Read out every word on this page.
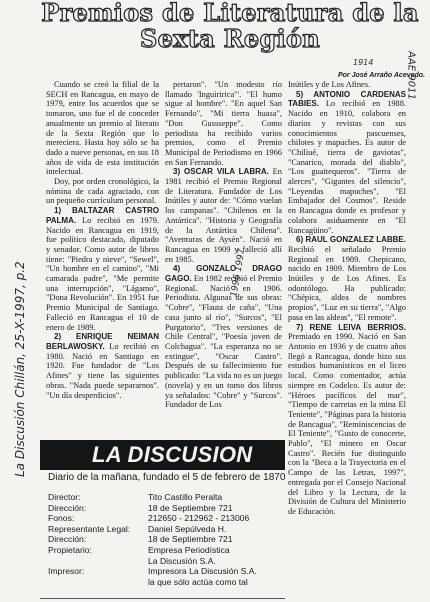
Premios de Literatura de la
Sexta Región
Por José Arraño Acevedo.
1914
La Discusión Chillán, 25-X-1997, p.2
AAE 9011
1996 1997

Cuando se creó la filial de la SECH en Rancagua, en mayo de 1979, entre los acuerdos que se tomaron, uno fue el de conceder anualmente un premio al literato de la Sexta Región que lo mereciera. Hasta hoy sólo se ha dado a nueve personas, en sus 18 años de vida de esta institución intelectual.

Doy, por orden cronológico, la nómina de cada agraciado, con un pequeño currículum personal.

1) BALTAZAR CASTRO PALMA. Lo recibió en 1979. Nacido en Rancagua en 1919, fue político destacado, diputado y senador. Como autor de libros tiene: "Piedra y nieve", "Sewel", "Un hombre en el camino", "Mi camarada padre", "Me permite una interrupción", "Lágamo", "Dona Revolución". En 1951 fue Premio Municipal de Santiago. Falleció en Rancagua el 10 de enero de 1989.

2) ENRIQUE NEIMAN BERLAWOSKY. Lo recibió en 1980. Nació en Santiago en 1920. Fue fundador de "Los Afines" y tiene las siguientes obras. "Nada puede separarnos". "Un día desperdicios".

pertaron". "Un modesto río llamado 'Inguiririca'". "El humo sigue al hombre". "En aquel San Fernando", "Mi tierra huasa", "Don Gussseppe". Como periodista ha recibido varios premios, como el Premio Municipal de Periodismo en 1966 en San Fernando.

3) OSCAR VILA LABRA. En 1981 recibió el Premio Regional de Literatura. Fundador de Los Inútiles y autor de: "Cómo vuelan los campanas". "Chilenos en la Antártica". "Historia y Geografía de la Antártica Chilena". "Aventuras de Aysén". Nació en Rancagua en 1909 y falleció allí en 1985.

4) GONZALO DRAGO GAGO. En 1982 recibió el Premio Regional. Nació en 1906. Periodista. Algunas de sus obras: "Cobre", "Flauta de caña", "Una casa junto al río", "Surcos", "El Purgatorio", "Tres versiones de Chile Central", "Poesía joven de Colchagua". "La esperanza no se extingue", "Oscar Castro". Después de su fallecimiento fue publicado: "La vida no es un juego (novela) y en un tomo dos libros ya señalados: "Cobre" y "Surcos". Fundador de Los

Inútiles y de Los Afines.

5) ANTONIO CARDENAS TABIES. Lo recibió en 1988. Nacido en 1910, colabora en diarios y revistas con sus conocimientos pascuenses, chilotes y mapuches. Es autor de "Chiliué, tierra de gaviotas", "Canarico, morada del diablo", "Los guaitequeros". "Tierra de alerces", "Gigantes del silencio", "Leyendas mapuches", "El Embajador del Cosmos". Reside en Rancagua donde es profesor y colabora asiduamente en "El Rancagüino".

6) RAUL GONZALEZ LABBE. Recibió el señalado Premio Regional en 1989. Chepicano, nacido en 1909. Miembro de Los Inútiles y de Los Afines. Es odontólogo. Ha publicado: "Chépica, aldea de nombres propios", "Luz en su tierra", "Algo pasa en las aldeas", "El remote".

7) RENE LEIVA BERRIOS. Premiado en 1990. Nació en San Antonio en 1936 y de cuatro años llegó a Rancagua, donde hizo sus estudios humanísticos en el liceo local. Como comentador, actúa siempre en Codelco. Es autor de: "Héroes pacíficos del mar", "Tiempo de carretas en la mina El Teniente", "Páginas para la historia de Rancagua", "Reminiscencias de El Teniente", "Gusto de conocerte, Pablo", "El minero en Oscar Castro". Recién fue distinguido con la "Beca a la Trayectoria en el Campo de las Letras, 1997", entregada por el Consejo Nacional del Libro y la Lectura, de la División de Cultura del Ministerio de Educación.

LA DISCUSION
Diario de la mañana, fundado el 5 de febrero de 1870
Director:	Tito Castillo Peralta
Dirección:	18 de Septiembre 721
Fonos:	212650 - 212962 - 213006
Representante Legal: Daniel Sepúlveda H.
Dirección:	18 de Septiembre 721
Propietario:	Empresa Periodística
La Discusión S.A.
Impresor:	Impresora La Discusión S.A.
la que sólo actúa como tal
